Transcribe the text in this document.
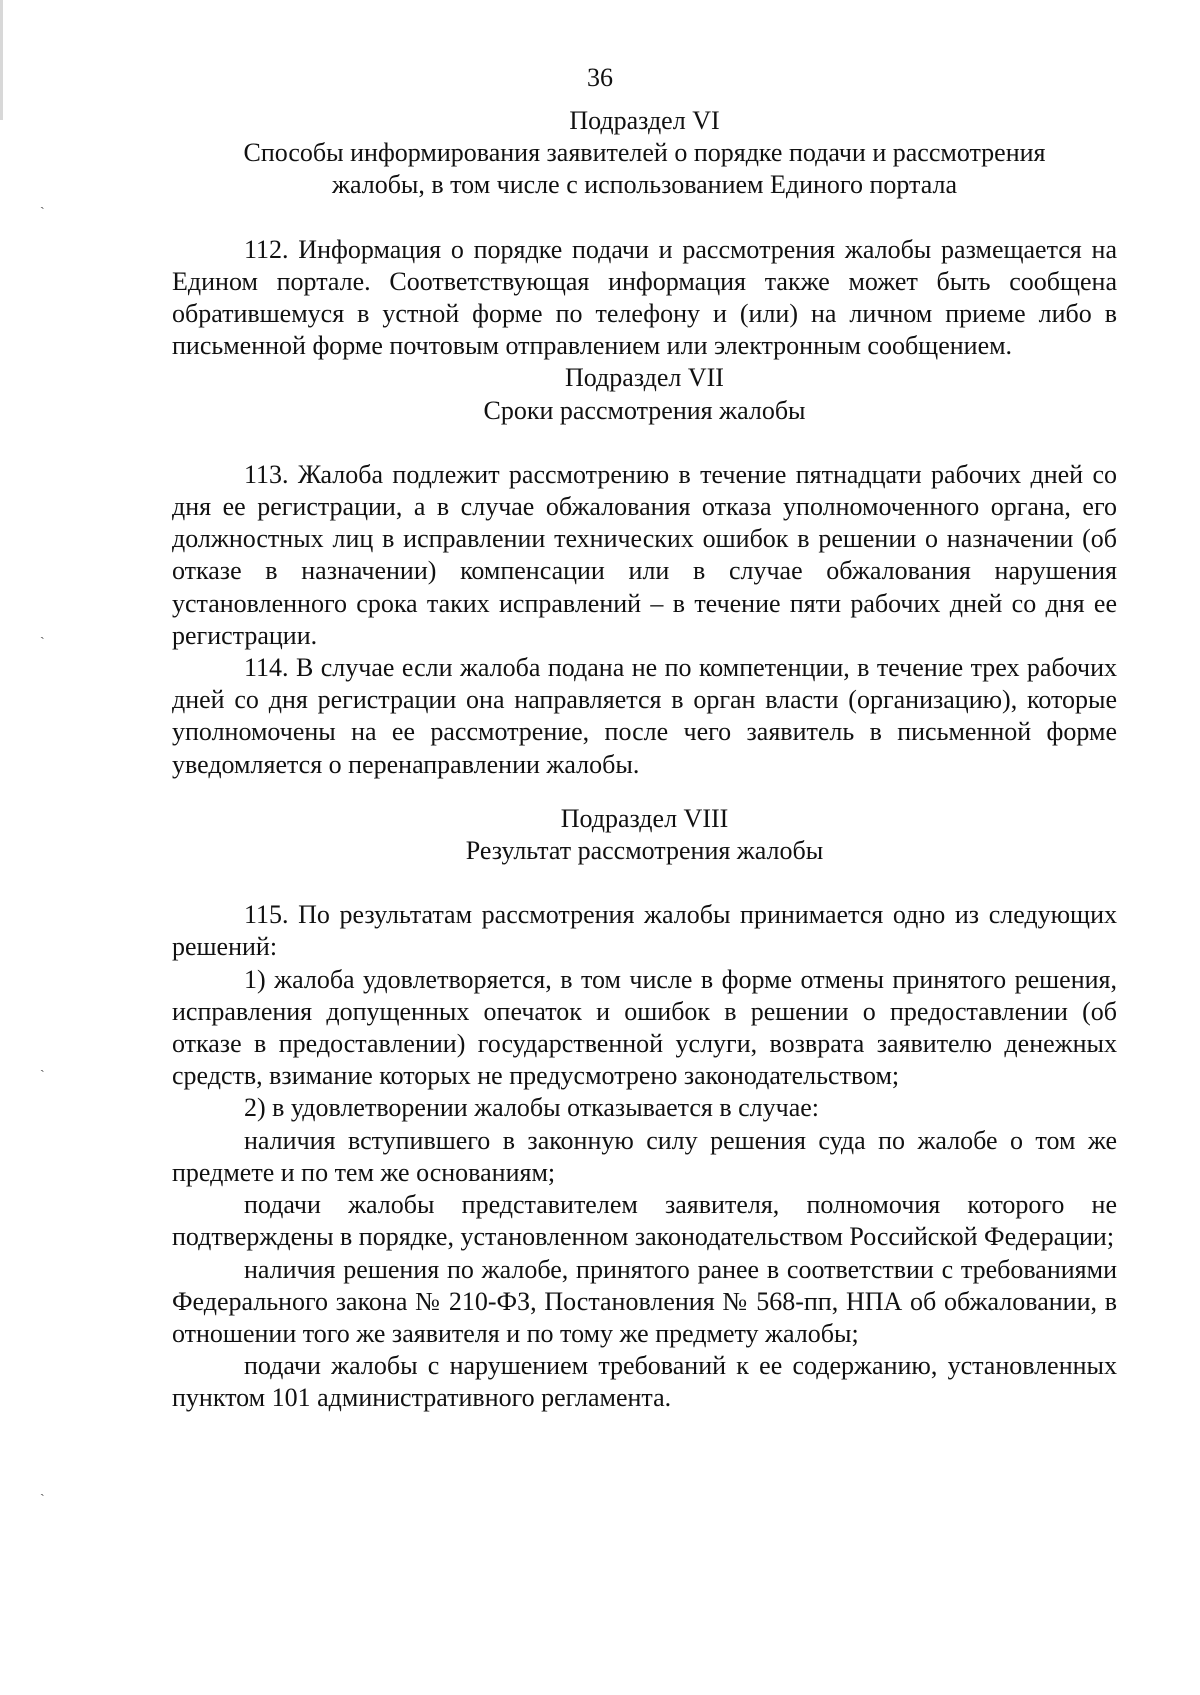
ˎ
ˎ
ˎ
ˎ
36
Подраздел VI
Способы информирования заявителей о порядке подачи и рассмотрения
жалобы, в том числе с использованием Единого портала

112. Информация о порядке подачи и рассмотрения жалобы размещается на Едином портале. Соответствующая информация также может быть сообщена обратившемуся в устной форме по телефону и (или) на личном приеме либо в письменной форме почтовым отправлением или электронным сообщением.

Подраздел VII
Сроки рассмотрения жалобы

113. Жалоба подлежит рассмотрению в течение пятнадцати рабочих дней со дня ее регистрации, а в случае обжалования отказа уполномоченного органа, его должностных лиц в исправлении технических ошибок в решении о назначении (об отказе в назначении) компенсации или в случае обжалования нарушения установленного срока таких исправлений – в течение пяти рабочих дней со дня ее регистрации.

114. В случае если жалоба подана не по компетенции, в течение трех рабочих дней со дня регистрации она направляется в орган власти (организацию), которые уполномочены на ее рассмотрение, после чего заявитель в письменной форме уведомляется о перенаправлении жалобы.

Подраздел VIII
Результат рассмотрения жалобы

115. По результатам рассмотрения жалобы принимается одно из следующих решений:

1) жалоба удовлетворяется, в том числе в форме отмены принятого решения, исправления допущенных опечаток и ошибок в решении о предоставлении (об отказе в предоставлении) государственной услуги, возврата заявителю денежных средств, взимание которых не предусмотрено законодательством;

2) в удовлетворении жалобы отказывается в случае:

наличия вступившего в законную силу решения суда по жалобе о том же предмете и по тем же основаниям;

подачи жалобы представителем заявителя, полномочия которого не подтверждены в порядке, установленном законодательством Российской Федерации;

наличия решения по жалобе, принятого ранее в соответствии с требованиями Федерального закона № 210-ФЗ, Постановления № 568-пп, НПА об обжаловании, в отношении того же заявителя и по тому же предмету жалобы;

подачи жалобы с нарушением требований к ее содержанию, установленных пунктом 101 административного регламента.
